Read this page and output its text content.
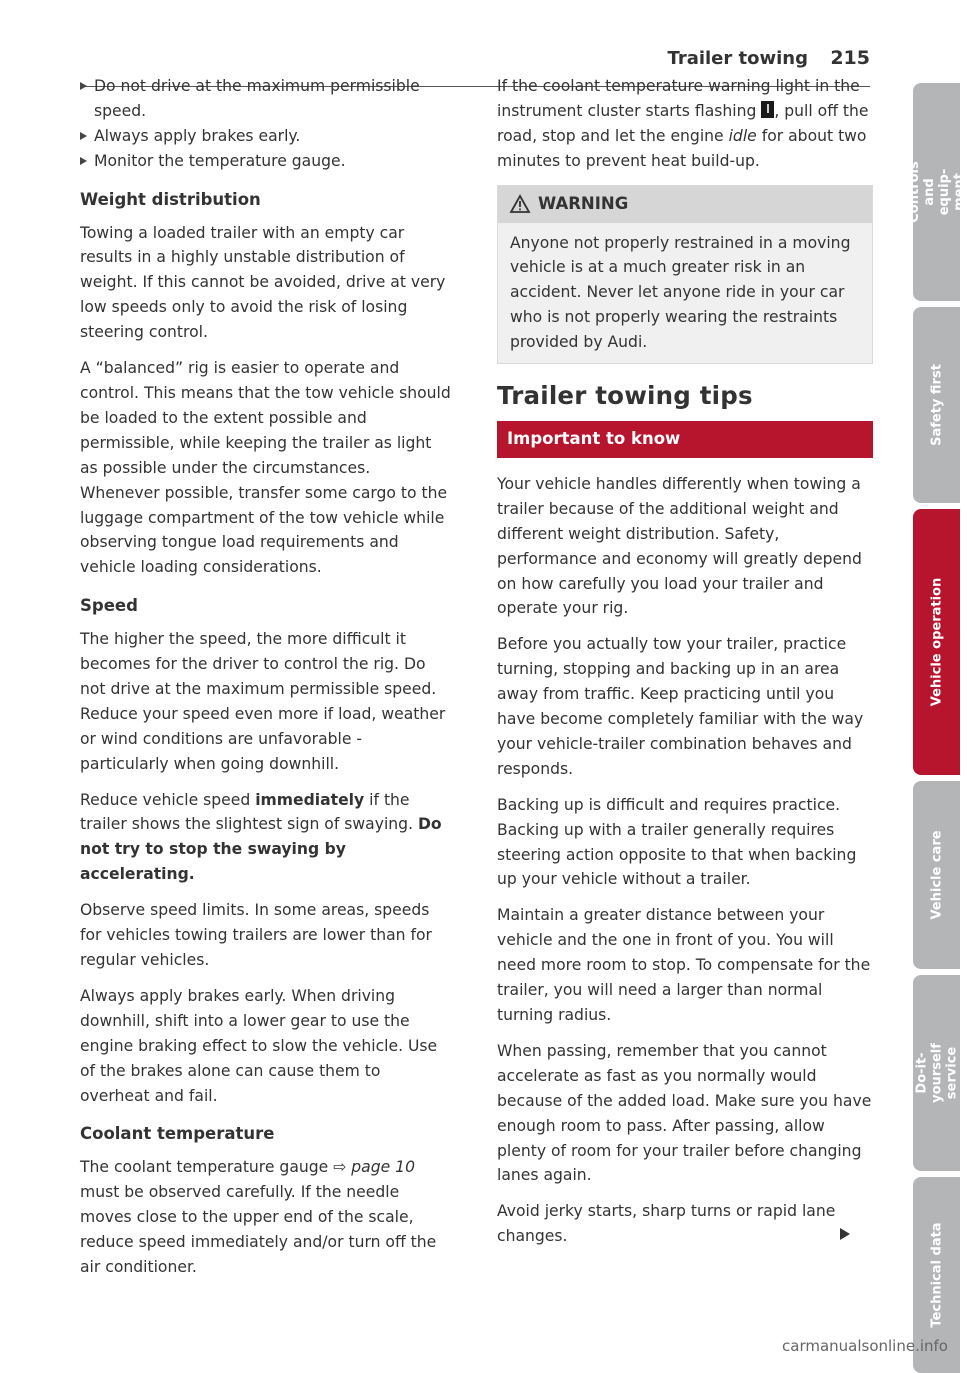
Trailer towing 215
Do not drive at the maximum permissible speed.
Always apply brakes early.
Monitor the temperature gauge.
Weight distribution

Towing a loaded trailer with an empty car results in a highly unstable distribution of weight. If this cannot be avoided, drive at very low speeds only to avoid the risk of losing steering control.

A “balanced” rig is easier to operate and control. This means that the tow vehicle should be loaded to the extent possible and permissible, while keeping the trailer as light as possible under the circumstances. Whenever possible, transfer some cargo to the luggage compartment of the tow vehicle while observing tongue load requirements and vehicle loading considerations.

Speed

The higher the speed, the more difficult it becomes for the driver to control the rig. Do not drive at the maximum permissible speed. Reduce your speed even more if load, weather or wind conditions are unfavorable - particularly when going downhill.

Reduce vehicle speed immediately if the trailer shows the slightest sign of swaying. Do not try to stop the swaying by accelerating.

Observe speed limits. In some areas, speeds for vehicles towing trailers are lower than for regular vehicles.

Always apply brakes early. When driving downhill, shift into a lower gear to use the engine braking effect to slow the vehicle. Use of the brakes alone can cause them to overheat and fail.

Coolant temperature

The coolant temperature gauge ⇨ page 10 must be observed carefully. If the needle moves close to the upper end of the scale, reduce speed immediately and/or turn off the air conditioner.

If the coolant temperature warning light in the instrument cluster starts flashing , pull off the road, stop and let the engine idle for about two minutes to prevent heat build-up.

WARNING
Anyone not properly restrained in a moving vehicle is at a much greater risk in an accident. Never let anyone ride in your car who is not properly wearing the restraints provided by Audi.
Trailer towing tips
Important to know

Your vehicle handles differently when towing a trailer because of the additional weight and different weight distribution. Safety, performance and economy will greatly depend on how carefully you load your trailer and operate your rig.

Before you actually tow your trailer, practice turning, stopping and backing up in an area away from traffic. Keep practicing until you have become completely familiar with the way your vehicle-trailer combination behaves and responds.

Backing up is difficult and requires practice. Backing up with a trailer generally requires steering action opposite to that when backing up your vehicle without a trailer.

Maintain a greater distance between your vehicle and the one in front of you. You will need more room to stop. To compensate for the trailer, you will need a larger than normal turning radius.

When passing, remember that you cannot accelerate as fast as you normally would because of the added load. Make sure you have enough room to pass. After passing, allow plenty of room for your trailer before changing lanes again.

Avoid jerky starts, sharp turns or rapid lane changes.

Controls and equip-
ment
Safety first
Vehicle operation
Vehicle care
Do-it-yourself
service
Technical data
carmanualsonline.info
